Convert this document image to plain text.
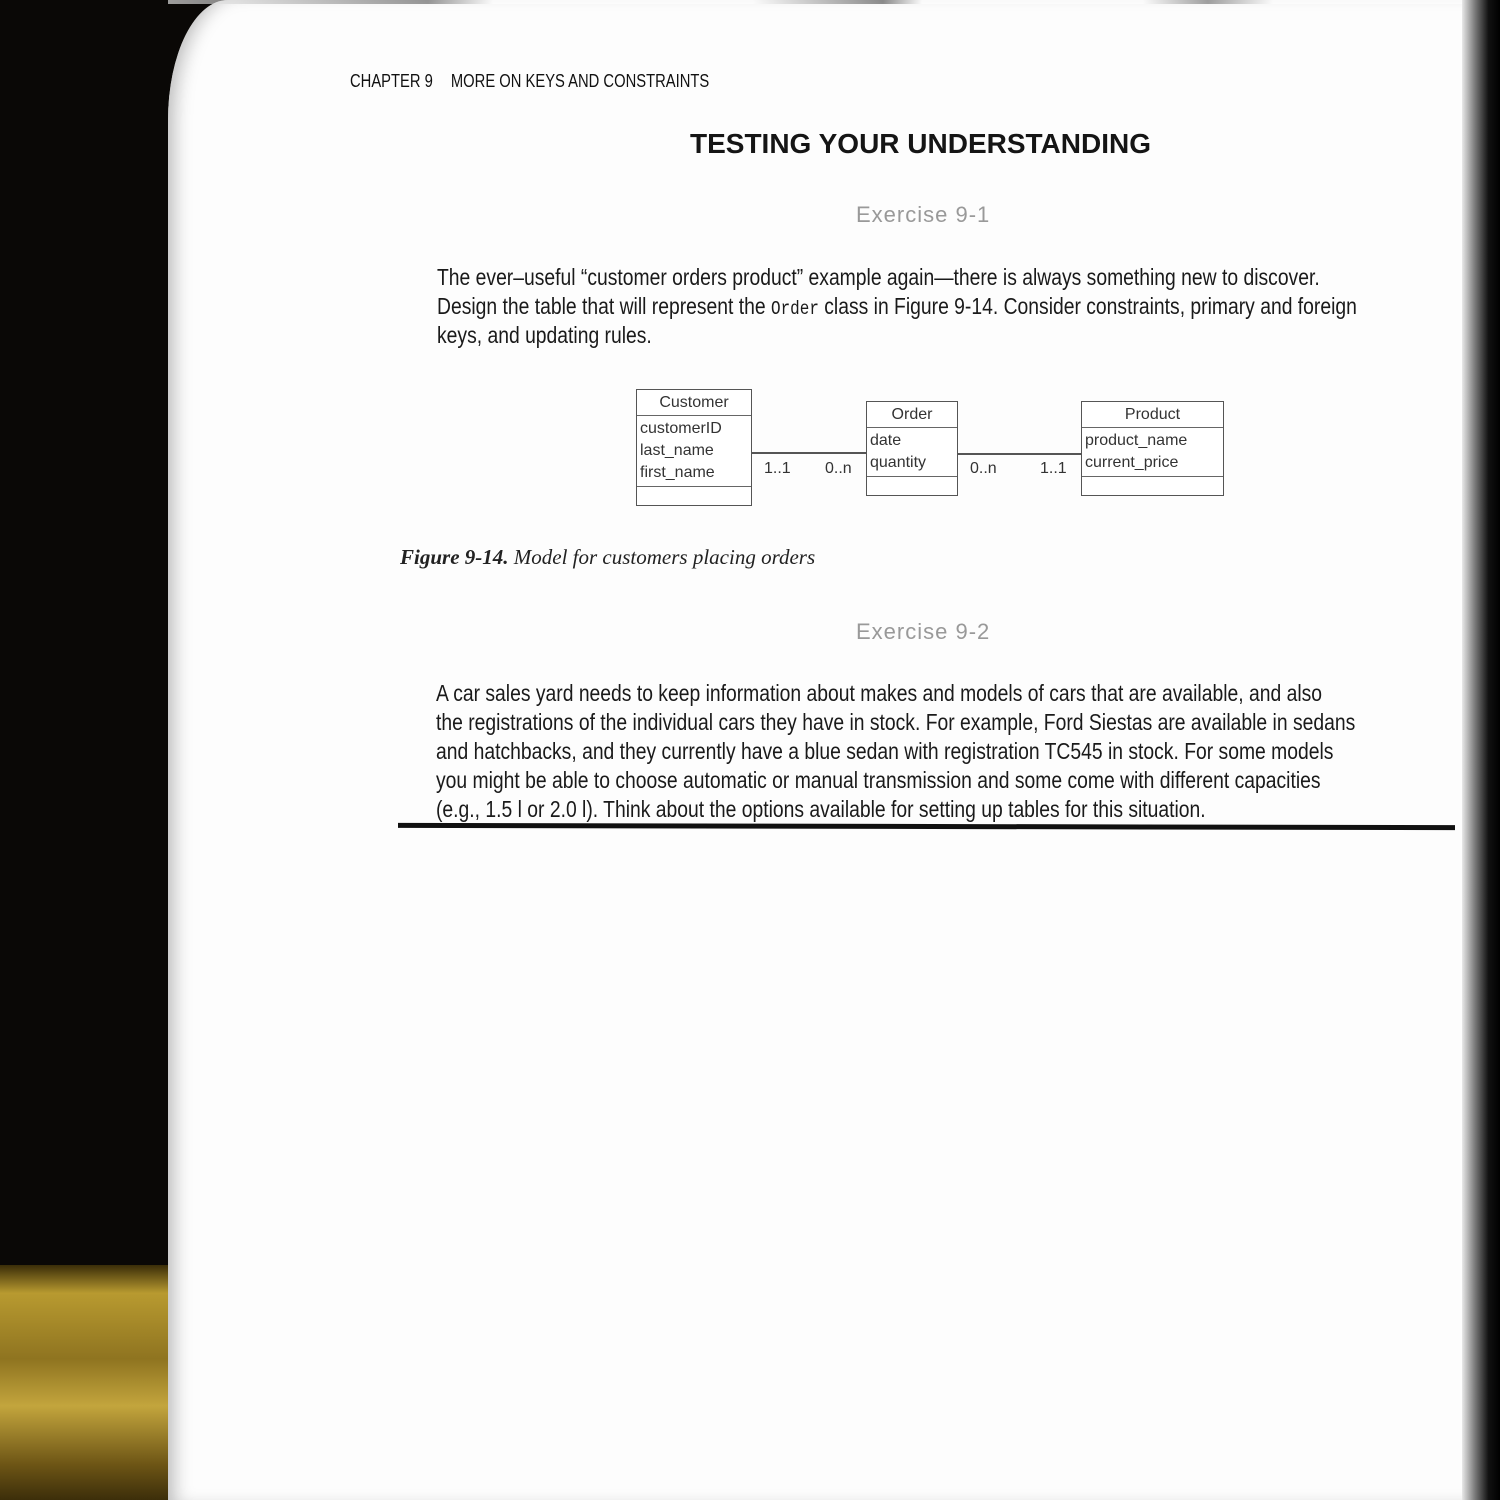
CHAPTER 9 MORE ON KEYS AND CONSTRAINTS
TESTING YOUR UNDERSTANDING
Exercise 9-1
The ever–useful “customer orders product” example again—there is always something new to discover.
Design the table that will represent the Order class in Figure 9-14. Consider constraints, primary and foreign
keys, and updating rules.
Customer
customerID
last_name
first_name
Order
date
quantity
Product
product_name
current_price
1..1 0..n	0..n	1..1
Figure 9-14. Model for customers placing orders
Exercise 9-2
A car sales yard needs to keep information about makes and models of cars that are available, and also
the registrations of the individual cars they have in stock. For example, Ford Siestas are available in sedans
and hatchbacks, and they currently have a blue sedan with registration TC545 in stock. For some models
you might be able to choose automatic or manual transmission and some come with different capacities
(e.g., 1.5 l or 2.0 l). Think about the options available for setting up tables for this situation.
